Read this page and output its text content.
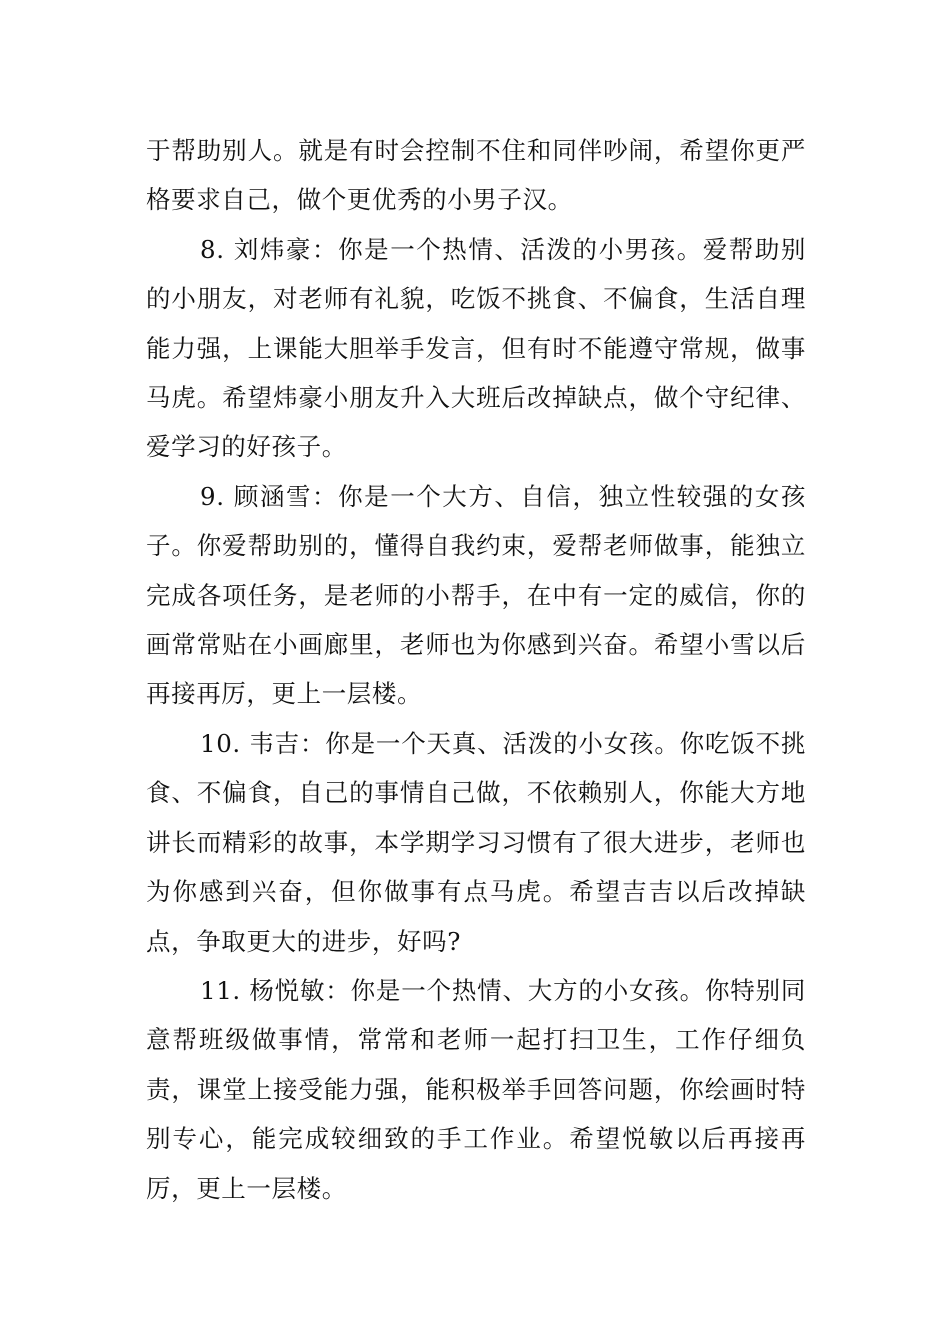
于帮助别人。就是有时会控制不住和同伴吵闹，希望你更严格要求自己，做个更优秀的小男子汉。

8. 刘炜豪：你是一个热情、活泼的小男孩。爱帮助别的小朋友，对老师有礼貌，吃饭不挑食、不偏食，生活自理能力强，上课能大胆举手发言，但有时不能遵守常规，做事马虎。希望炜豪小朋友升入大班后改掉缺点，做个守纪律、爱学习的好孩子。

9. 顾涵雪：你是一个大方、自信，独立性较强的女孩子。你爱帮助别的，懂得自我约束，爱帮老师做事，能独立完成各项任务，是老师的小帮手，在中有一定的威信，你的画常常贴在小画廊里，老师也为你感到兴奋。希望小雪以后再接再厉，更上一层楼。

10. 韦吉：你是一个天真、活泼的小女孩。你吃饭不挑食、不偏食，自己的事情自己做，不依赖别人，你能大方地讲长而精彩的故事，本学期学习习惯有了很大进步，老师也为你感到兴奋，但你做事有点马虎。希望吉吉以后改掉缺点，争取更大的进步，好吗?

11. 杨悦敏：你是一个热情、大方的小女孩。你特别同意帮班级做事情，常常和老师一起打扫卫生，工作仔细负责，课堂上接受能力强，能积极举手回答问题，你绘画时特别专心，能完成较细致的手工作业。希望悦敏以后再接再厉，更上一层楼。
